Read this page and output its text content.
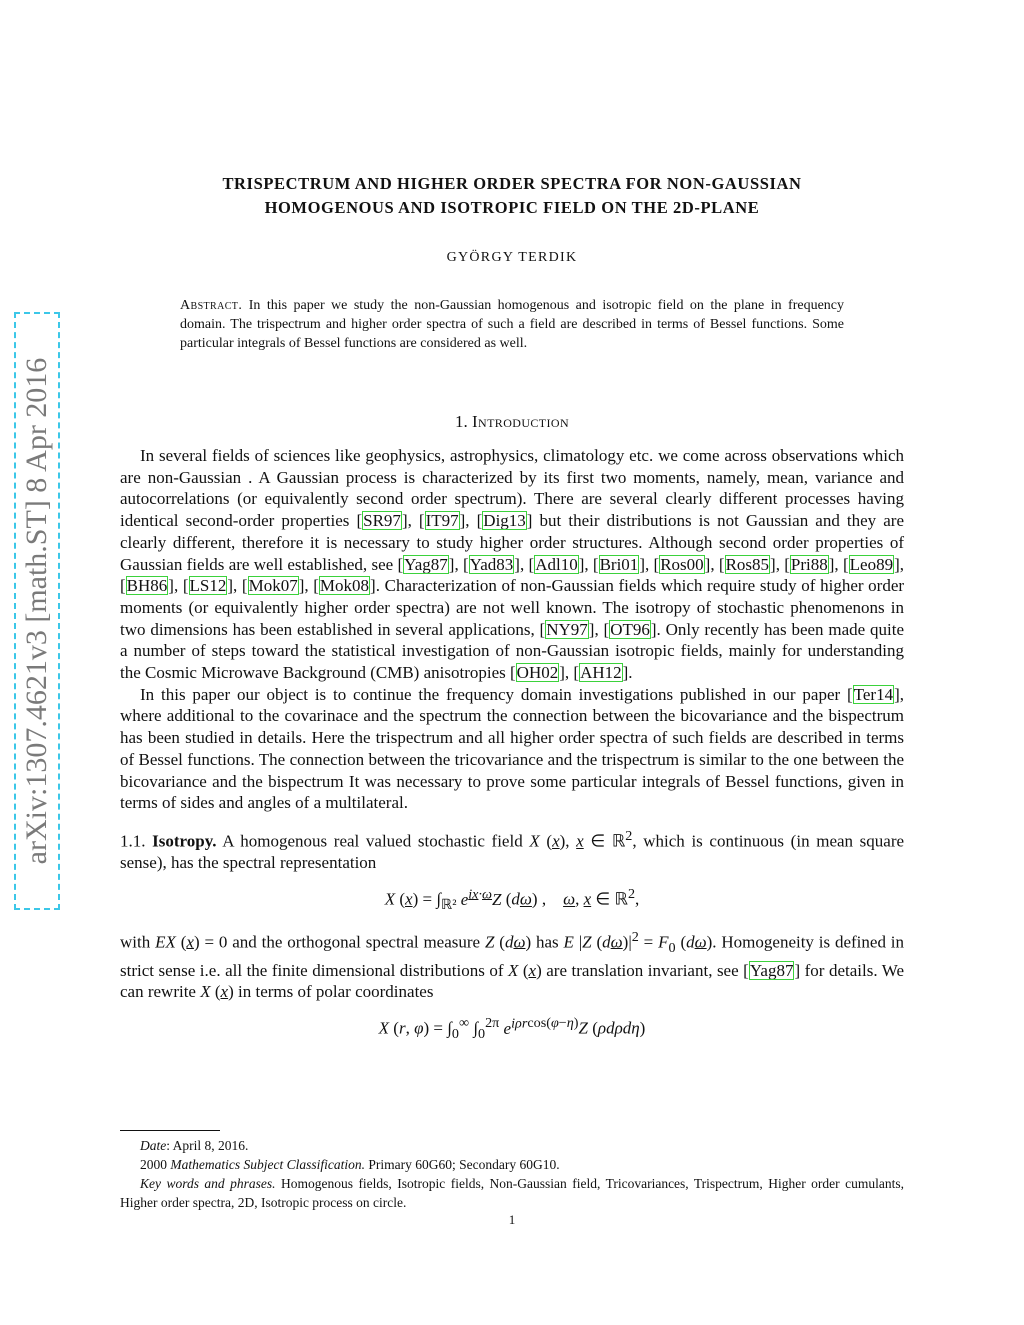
arXiv:1307.4621v3 [math.ST] 8 Apr 2016
TRISPECTRUM AND HIGHER ORDER SPECTRA FOR NON-GAUSSIAN
HOMOGENOUS AND ISOTROPIC FIELD ON THE 2D-PLANE
GYÖRGY TERDIK
Abstract. In this paper we study the non-Gaussian homogenous and isotropic field on the plane in frequency domain. The trispectrum and higher order spectra of such a field are described in terms of Bessel functions. Some particular integrals of Bessel functions are considered as well.
1. Introduction

In several fields of sciences like geophysics, astrophysics, climatology etc. we come across observations which are non-Gaussian . A Gaussian process is characterized by its first two moments, namely, mean, variance and autocorrelations (or equivalently second order spectrum). There are several clearly different processes having identical second-order properties [SR97], [IT97], [Dig13] but their distributions is not Gaussian and they are clearly different, therefore it is necessary to study higher order structures. Although second order properties of Gaussian fields are well established, see [Yag87], [Yad83], [Adl10], [Bri01], [Ros00], [Ros85], [Pri88], [Leo89], [BH86], [LS12], [Mok07], [Mok08]. Characterization of non-Gaussian fields which require study of higher order moments (or equivalently higher order spectra) are not well known. The isotropy of stochastic phenomenons in two dimensions has been established in several applications, [NY97], [OT96]. Only recently has been made quite a number of steps toward the statistical investigation of non-Gaussian isotropic fields, mainly for understanding the Cosmic Microwave Background (CMB) anisotropies [OH02], [AH12].

In this paper our object is to continue the frequency domain investigations published in our paper [Ter14], where additional to the covarinace and the spectrum the connection between the bicovariance and the bispectrum has been studied in details. Here the trispectrum and all higher order spectra of such fields are described in terms of Bessel functions. The connection between the tricovariance and the trispectrum is similar to the one between the bicovariance and the bispectrum It was necessary to prove some particular integrals of Bessel functions, given in terms of sides and angles of a multilateral.

1.1. Isotropy. A homogenous real valued stochastic field X (x), x ∈ ℝ$^2$, which is continuous (in mean square sense), has the spectral representation

X $(x) = \int_{ℝ^2}$ $e^{ix\cdot\omega}Z$ (dω) ,    ω, x ∈ ℝ$^2$,

with EX (x) = 0 and the orthogonal spectral measure Z (dω) has E |Z $(d\omega)|^2 = F_0$ (dω). Homogeneity is defined in strict sense i.e. all the finite dimensional distributions of X (x) are translation invariant, see [Yag87] for details. We can rewrite X (x) in terms of polar coordinates

X (r, $\varphi) = \int_0^\infty$ $\int_0^{2\pi}$ $e^{i\rho rcos(\varphi-\eta)}Z$ (ρdρdη)

Date: April 8, 2016.

2000 Mathematics Subject Classification. Primary 60G60; Secondary 60G10.

Key words and phrases. Homogenous fields, Isotropic fields, Non-Gaussian field, Tricovariances, Trispectrum, Higher order cumulants, Higher order spectra, 2D, Isotropic process on circle.

1
